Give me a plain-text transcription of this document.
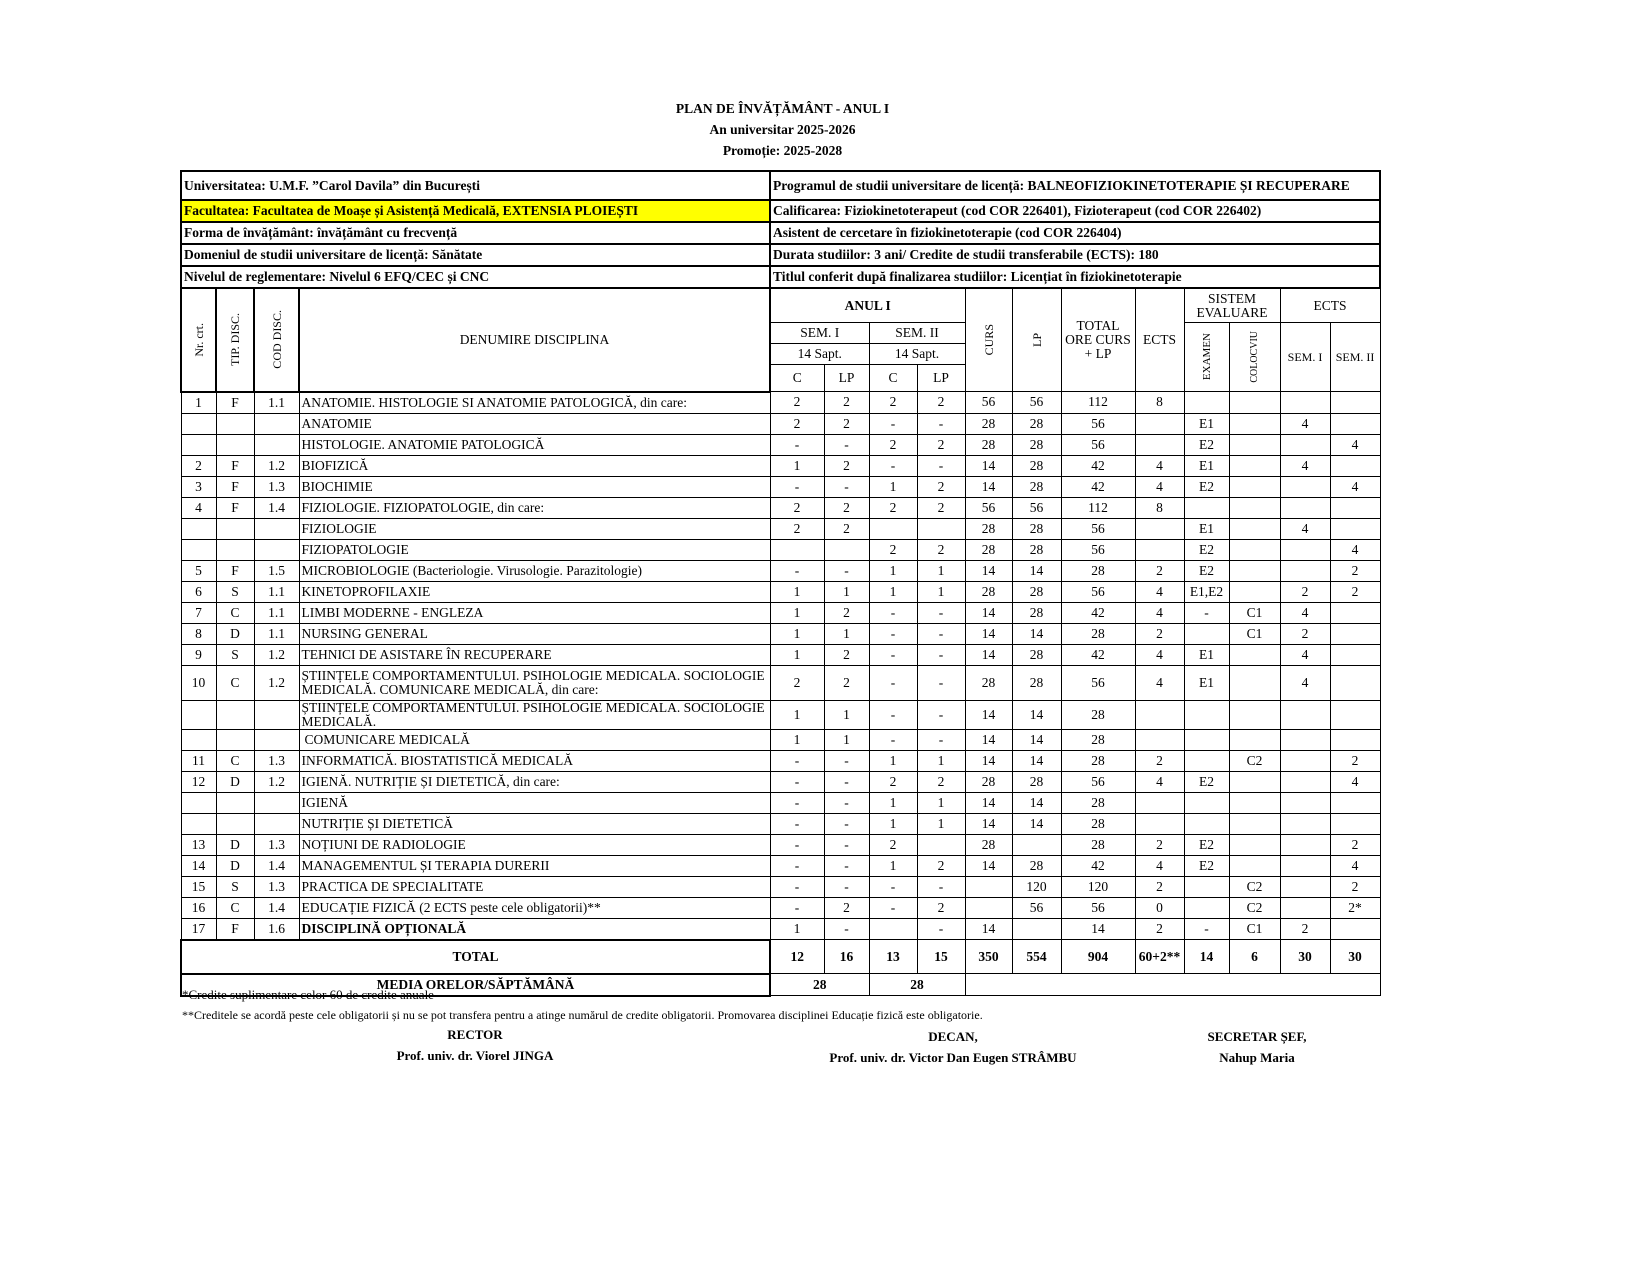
PLAN DE ÎNVĂȚĂMÂNT - ANUL I
An universitar 2025-2026
Promoție: 2025-2028
Universitatea: U.M.F. ”Carol Davila” din București				Programul de studii universitare de licență: BALNEOFIZIOKINETOTERAPIE ȘI RECUPERARE											
Facultatea: Facultatea de Moașe și Asistență Medicală, EXTENSIA PLOIEȘTI				Calificarea: Fiziokinetoterapeut (cod COR 226401), Fizioterapeut (cod COR 226402)											
Forma de învățământ: învățământ cu frecvență				Asistent de cercetare în fiziokinetoterapie (cod COR 226404)											
Domeniul de studii universitare de licență: Sănătate				Durata studiilor: 3 ani/ Credite de studii transferabile (ECTS): 180											
Nivelul de reglementare: Nivelul 6 EFQ/CEC și CNC				Titlul conferit după finalizarea studiilor: Licențiat în fiziokinetoterapie											

Nr. crt.	TIP. DISC.	COD DISC.	DENUMIRE DISCIPLINA	ANUL I				CURS	LP	TOTAL ORE CURS + LP	ECTS	SISTEM EVALUARE		ECTS	
				SEM. I		SEM. II						EXAMEN	COLOCVIU	SEM. I	SEM. II
				14 Sapt.		14 Sapt.									
				C	LP	C	LP								
1	F	1.1	ANATOMIE. HISTOLOGIE SI ANATOMIE PATOLOGICĂ, din care:	2	2	2	2	56	56	112	8				
			ANATOMIE	2	2	-	-	28	28	56		E1		4	
			HISTOLOGIE. ANATOMIE PATOLOGICĂ	-	-	2	2	28	28	56		E2			4
2	F	1.2	BIOFIZICĂ	1	2	-	-	14	28	42	4	E1		4	
3	F	1.3	BIOCHIMIE	-	-	1	2	14	28	42	4	E2			4
4	F	1.4	FIZIOLOGIE. FIZIOPATOLOGIE, din care:	2	2	2	2	56	56	112	8				
			FIZIOLOGIE	2	2			28	28	56		E1		4	
			FIZIOPATOLOGIE			2	2	28	28	56		E2			4
5	F	1.5	MICROBIOLOGIE (Bacteriologie. Virusologie. Parazitologie)	-	-	1	1	14	14	28	2	E2			2
6	S	1.1	KINETOPROFILAXIE	1	1	1	1	28	28	56	4	E1,E2		2	2
7	C	1.1	LIMBI MODERNE - ENGLEZA	1	2	-	-	14	28	42	4	-	C1	4	
8	D	1.1	NURSING GENERAL	1	1	-	-	14	14	28	2		C1	2	
9	S	1.2	TEHNICI DE ASISTARE ÎN RECUPERARE	1	2	-	-	14	28	42	4	E1		4	
10	C	1.2	ȘTIINȚELE COMPORTAMENTULUI. PSIHOLOGIE MEDICALA. SOCIOLOGIE MEDICALĂ. COMUNICARE MEDICALĂ, din care:	2	2	-	-	28	28	56	4	E1		4	
			ȘTIINȚELE COMPORTAMENTULUI. PSIHOLOGIE MEDICALA. SOCIOLOGIE MEDICALĂ.	1	1	-	-	14	14	28					
			COMUNICARE MEDICALĂ	1	1	-	-	14	14	28					
11	C	1.3	INFORMATICĂ. BIOSTATISTICĂ MEDICALĂ	-	-	1	1	14	14	28	2		C2		2
12	D	1.2	IGIENĂ. NUTRIȚIE ȘI DIETETICĂ, din care:	-	-	2	2	28	28	56	4	E2			4
			IGIENĂ	-	-	1	1	14	14	28					
			NUTRIȚIE ȘI DIETETICĂ	-	-	1	1	14	14	28					
13	D	1.3	NOȚIUNI DE RADIOLOGIE	-	-	2		28		28	2	E2			2
14	D	1.4	MANAGEMENTUL ȘI TERAPIA DURERII	-	-	1	2	14	28	42	4	E2			4
15	S	1.3	PRACTICA DE SPECIALITATE	-	-	-	-		120	120	2		C2		2
16	C	1.4	EDUCAȚIE FIZICĂ (2 ECTS peste cele obligatorii)**	-	2	-	2		56	56	0		C2		2*
17	F	1.6	DISCIPLINĂ OPȚIONALĂ	1	-		-	14		14	2	-	C1	2	
TOTAL				12	16	13	15	350	554	904	60+2**	14	6	30	30
MEDIA ORELOR/SĂPTĂMÂNĂ				28		28									
*Credite suplimentare celor 60 de credite anuale
**Creditele se acordă peste cele obligatorii și nu se pot transfera pentru a atinge numărul de credite obligatorii. Promovarea disciplinei Educație fizică este obligatorie.
RECTOR
Prof. univ. dr. Viorel JINGA
DECAN,
Prof. univ. dr. Victor Dan Eugen STRÂMBU
SECRETAR ȘEF,
Nahup Maria
